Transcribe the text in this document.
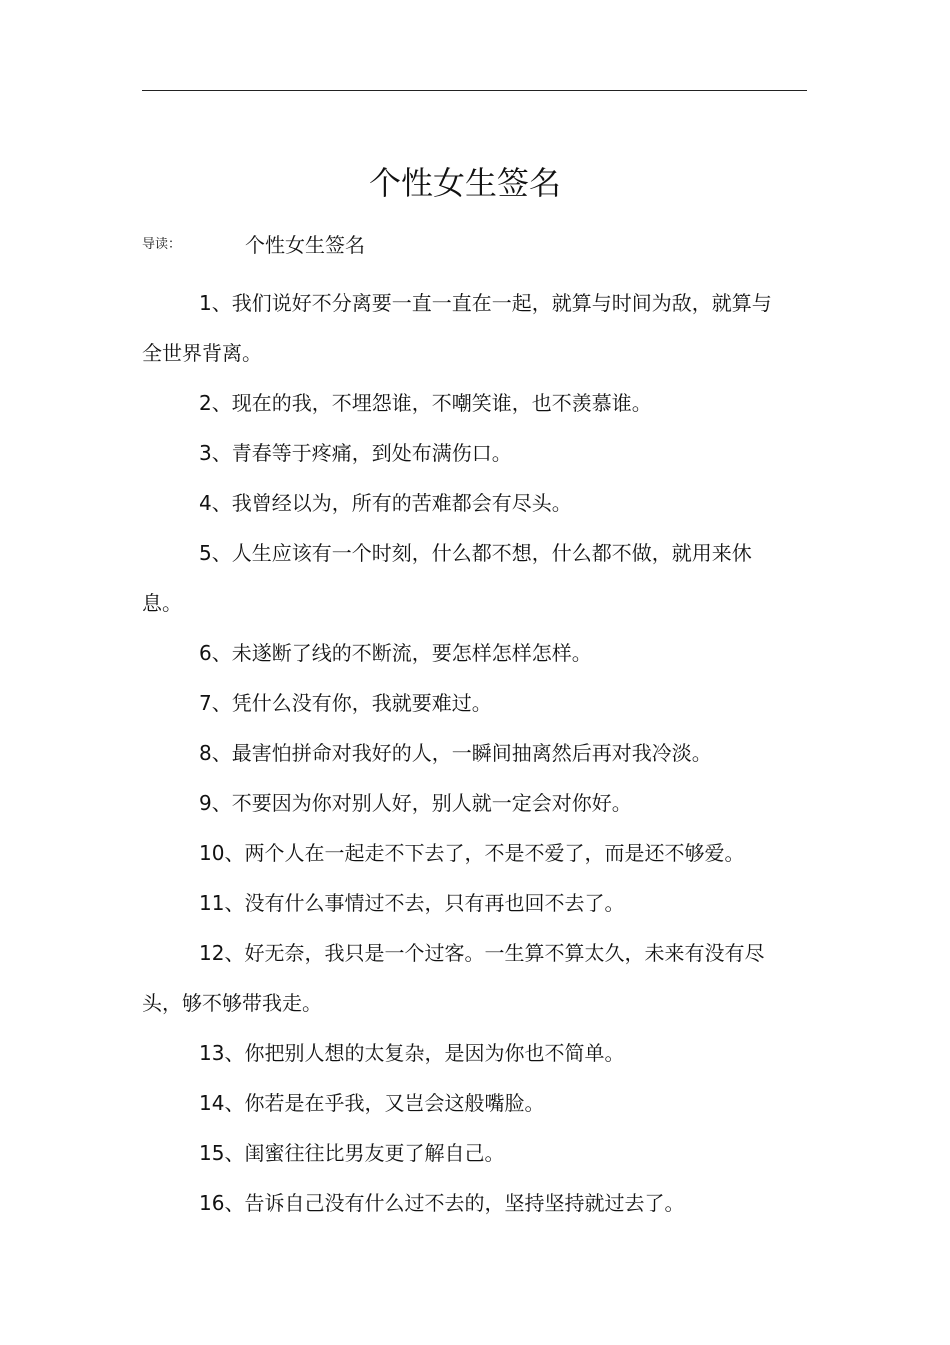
个性女生签名
导读：	个性女生签名
1、我们说好不分离要一直一直在一起，就算与时间为敌，就算与全世界背离。
2、现在的我，不埋怨谁，不嘲笑谁，也不羡慕谁。
3、青春等于疼痛，到处布满伤口。
4、我曾经以为，所有的苦难都会有尽头。
5、人生应该有一个时刻，什么都不想，什么都不做，就用来休息。
6、未遂断了线的不断流，要怎样怎样怎样。
7、凭什么没有你，我就要难过。
8、最害怕拼命对我好的人，一瞬间抽离然后再对我冷淡。
9、不要因为你对别人好，别人就一定会对你好。
10、两个人在一起走不下去了，不是不爱了，而是还不够爱。
11、没有什么事情过不去，只有再也回不去了。
12、好无奈，我只是一个过客。一生算不算太久，未来有没有尽头，够不够带我走。
13、你把别人想的太复杂，是因为你也不简单。
14、你若是在乎我，又岂会这般嘴脸。
15、闺蜜往往比男友更了解自己。
16、告诉自己没有什么过不去的，坚持坚持就过去了。
